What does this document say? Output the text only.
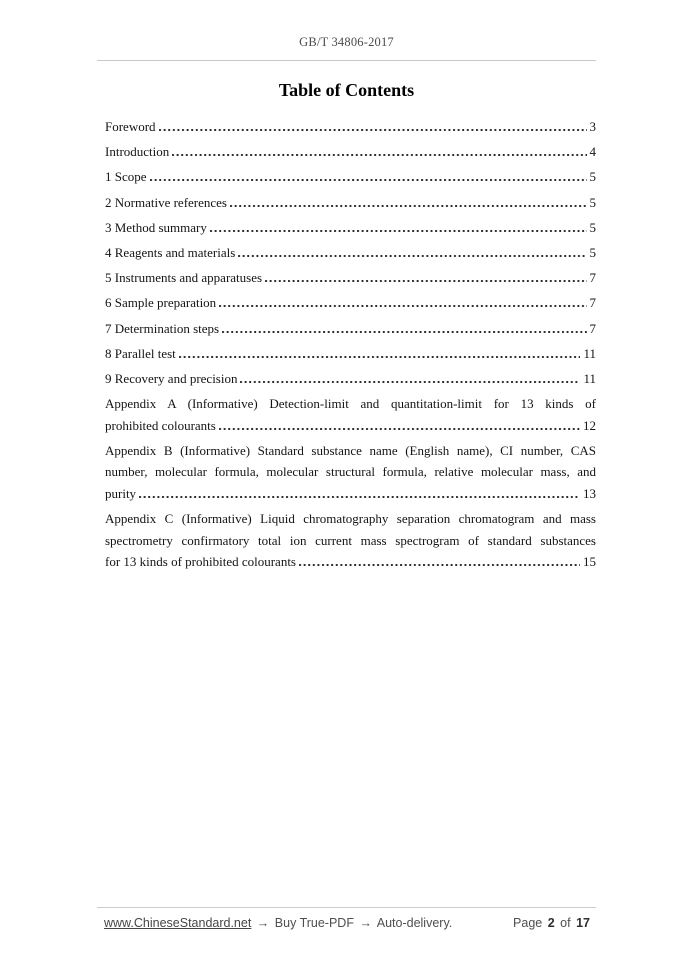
GB/T 34806-2017
Table of Contents
Foreword	3
Introduction	4
1 Scope	5
2 Normative references	5
3 Method summary	5
4 Reagents and materials	5
5 Instruments and apparatuses	7
6 Sample preparation	7
7 Determination steps	7
8 Parallel test	11
9 Recovery and precision	11
Appendix A (Informative) Detection-limit and quantitation-limit for 13 kinds of
prohibited colourants	12
Appendix B (Informative) Standard substance name (English name), CI number, CAS
number, molecular formula, molecular structural formula, relative molecular mass, and
purity	13
Appendix C (Informative) Liquid chromatography separation chromatogram and mass
spectrometry confirmatory total ion current mass spectrogram of standard substances
for 13 kinds of prohibited colourants	15
www.ChineseStandard.net → Buy True-PDF → Auto-delivery.	Page 2 of 17
